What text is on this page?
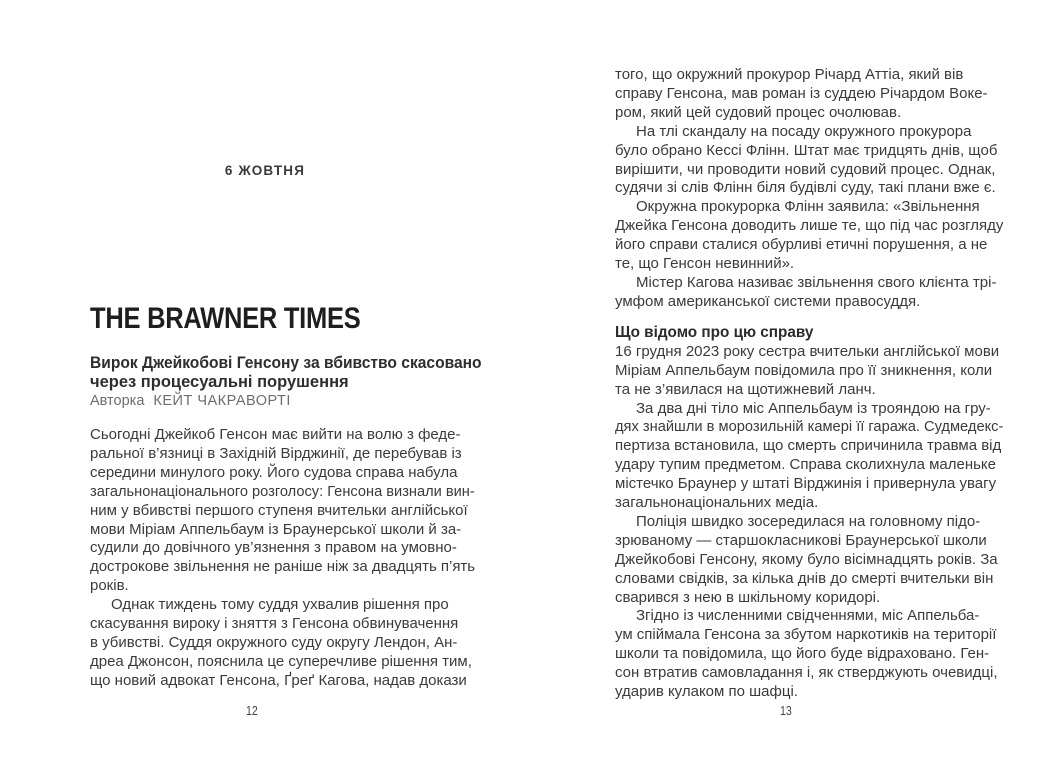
6 ЖОВТНЯ
THE BRAWNER TIMES
Вирок Джейкобові Генсону за вбивство скасовано
через процесуальні порушення
Авторка КЕЙТ ЧАКРАВОРТІ
Сьогодні Джейкоб Генсон має вийти на волю з феде-
ральної в’язниці в Західній Вірджинії, де перебував із
середини минулого року. Його судова справа набула
загальнонаціонального розголосу: Генсона визнали вин-
ним у вбивстві першого ступеня вчительки англійської
мови Міріам Аппельбаум із Браунерської школи й за-
судили до довічного ув’язнення з правом на умовно-
дострокове звільнення не раніше ніж за двадцять п’ять
років.
Однак тиждень тому суддя ухвалив рішення про
скасування вироку і зняття з Генсона обвинувачення
в убивстві. Суддя окружного суду округу Лендон, Ан-
дреа Джонсон, пояснила це суперечливе рішення тим,
що новий адвокат Генсона, Ґреґ Кагова, надав докази
12
того, що окружний прокурор Річард Аттіа, який вів
справу Генсона, мав роман із суддею Річардом Воке-
ром, який цей судовий процес очолював.
На тлі скандалу на посаду окружного прокурора
було обрано Кессі Флінн. Штат має тридцять днів, щоб
вирішити, чи проводити новий судовий процес. Однак,
судячи зі слів Флінн біля будівлі суду, такі плани вже є.
Окружна прокурорка Флінн заявила: «Звільнення
Джейка Генсона доводить лише те, що під час розгляду
його справи сталися обурливі етичні порушення, а не
те, що Генсон невинний».
Містер Кагова називає звільнення свого клієнта трі-
умфом американської системи правосуддя.
Що відомо про цю справу
16 грудня 2023 року сестра вчительки англійської мови
Міріам Аппельбаум повідомила про її зникнення, коли
та не з’явилася на щотижневий ланч.
За два дні тіло міс Аппельбаум із трояндою на гру-
дях знайшли в морозильній камері її гаража. Судмедекс-
пертиза встановила, що смерть спричинила травма від
удару тупим предметом. Справа сколихнула маленьке
містечко Браунер у штаті Вірджинія і привернула увагу
загальнонаціональних медіа.
Поліція швидко зосередилася на головному підо-
зрюваному — старшокласникові Браунерської школи
Джейкобові Генсону, якому було вісімнадцять років. За
словами свідків, за кілька днів до смерті вчительки він
сварився з нею в шкільному коридорі.
Згідно із численними свідченнями, міс Аппельба-
ум спіймала Генсона за збутом наркотиків на території
школи та повідомила, що його буде відраховано. Ген-
сон втратив самовладання і, як стверджують очевидці,
ударив кулаком по шафці.
13
